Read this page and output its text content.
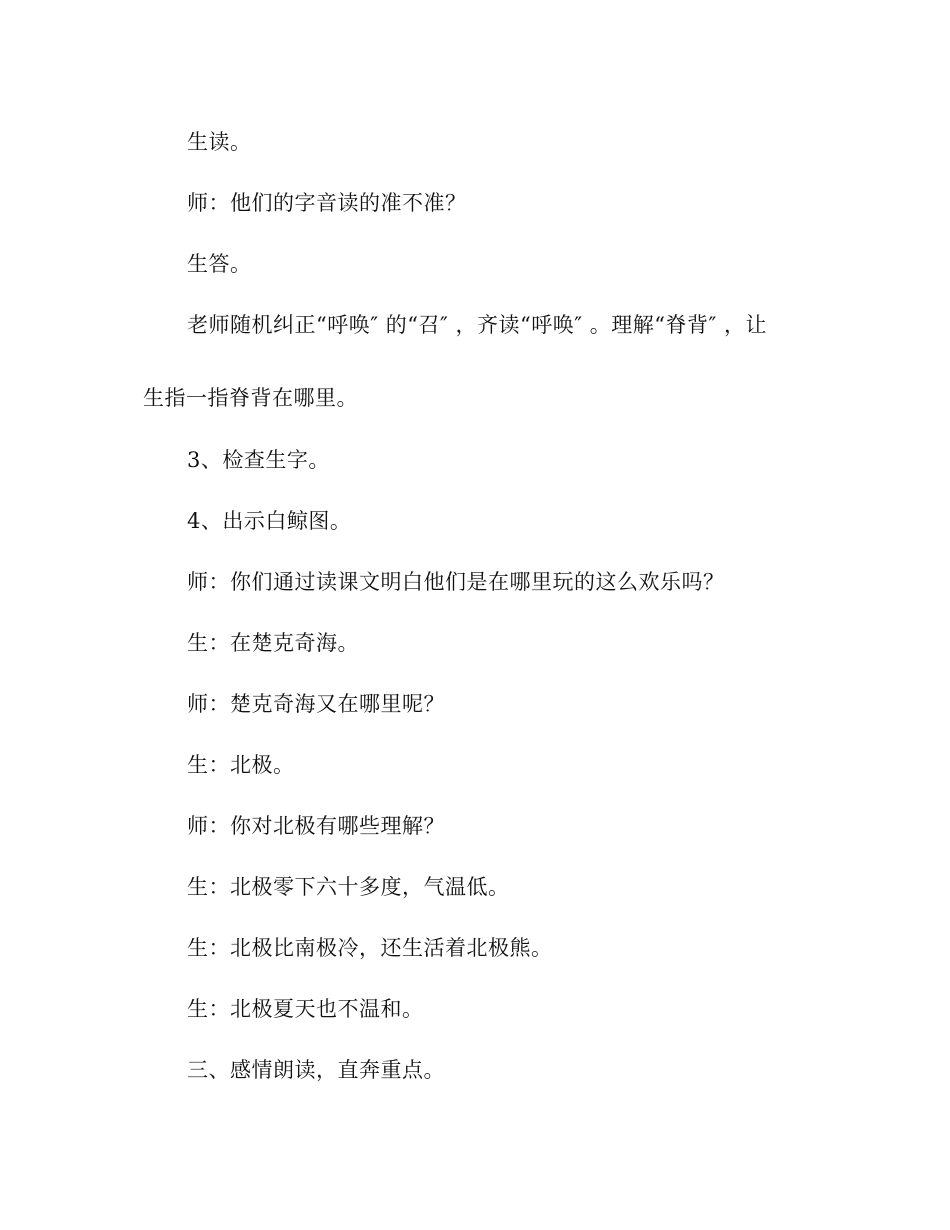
生读。
师：他们的字音读的准不准？
生答。
老师随机纠正“呼唤″ 的“召″ ，齐读“呼唤″ 。理解“脊背″ ，让
生指一指脊背在哪里。
3、检查生字。
4、出示白鲸图。
师：你们通过读课文明白他们是在哪里玩的这么欢乐吗？
生：在楚克奇海。
师：楚克奇海又在哪里呢？
生：北极。
师：你对北极有哪些理解？
生：北极零下六十多度，气温低。
生：北极比南极冷，还生活着北极熊。
生：北极夏天也不温和。
三、感情朗读，直奔重点。
